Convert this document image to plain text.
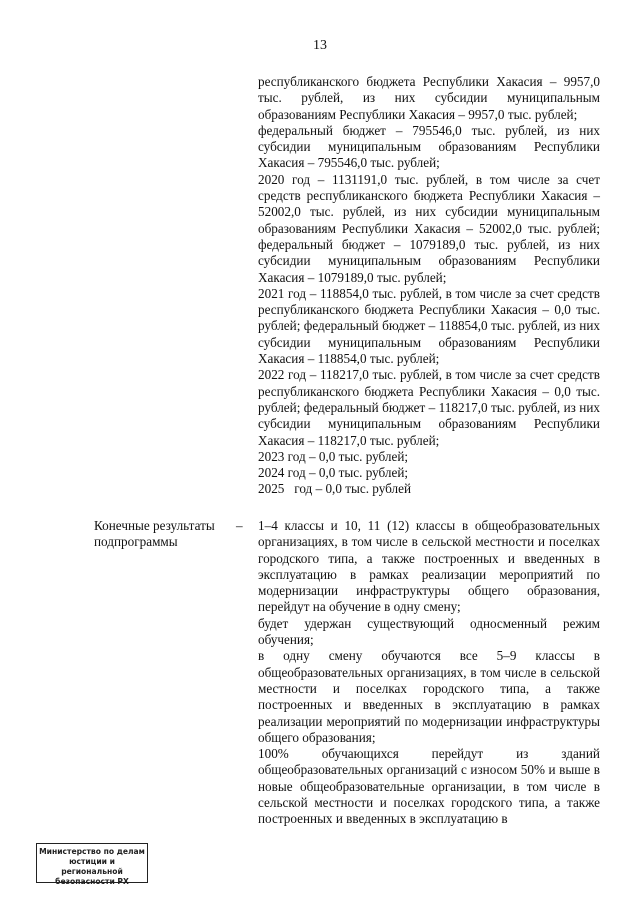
13

республиканского бюджета Республики Хакасия – 9957,0 тыс. рублей, из них субсидии муниципальным образованиям Республики Хакасия – 9957,0 тыс. рублей;

федеральный бюджет – 795546,0 тыс. рублей, из них субсидии муниципальным образованиям Республики Хакасия – 795546,0 тыс. рублей;

2020 год – 1131191,0 тыс. рублей, в том числе за счет средств республиканского бюджета Республики Хакасия – 52002,0 тыс. рублей, из них субсидии муниципальным образованиям Республики Хакасия – 52002,0 тыс. рублей; федеральный бюджет – 1079189,0 тыс. рублей, из них субсидии муниципальным образованиям Республики Хакасия – 1079189,0 тыс. рублей;

2021 год – 118854,0 тыс. рублей, в том числе за счет средств республиканского бюджета Республики Хакасия – 0,0 тыс. рублей; федеральный бюджет – 118854,0 тыс. рублей, из них субсидии муниципальным образованиям Республики Хакасия – 118854,0 тыс. рублей;

2022 год – 118217,0 тыс. рублей, в том числе за счет средств республиканского бюджета Республики Хакасия – 0,0 тыс. рублей; федеральный бюджет – 118217,0 тыс. рублей, из них субсидии муниципальным образованиям Республики Хакасия – 118217,0 тыс. рублей;

2023 год – 0,0 тыс. рублей;

2024 год – 0,0 тыс. рублей;

2025   год – 0,0 тыс. рублей

Конечные результаты подпрограммы
– 1–4 классы и 10, 11 (12) классы в общеобразовательных организациях, в том числе в сельской местности и поселках городского типа, а также построенных и введенных в эксплуатацию в рамках реализации мероприятий по модернизации инфраструктуры общего образования, перейдут на обучение в одну смену;

будет удержан существующий односменный режим обучения;

в одну смену обучаются все 5–9 классы в общеобразовательных организациях, в том числе в сельской местности и поселках городского типа, а также построенных и введенных в эксплуатацию в рамках реализации мероприятий по модернизации инфраструктуры общего образования;

100% обучающихся перейдут из зданий общеобразовательных организаций с износом 50% и выше в новые общеобразовательные организации, в том числе в сельской местности и поселках городского типа, а также построенных и введенных в эксплуатацию в

Министерство по делам
юстиции и региональной
безопасности РХ
